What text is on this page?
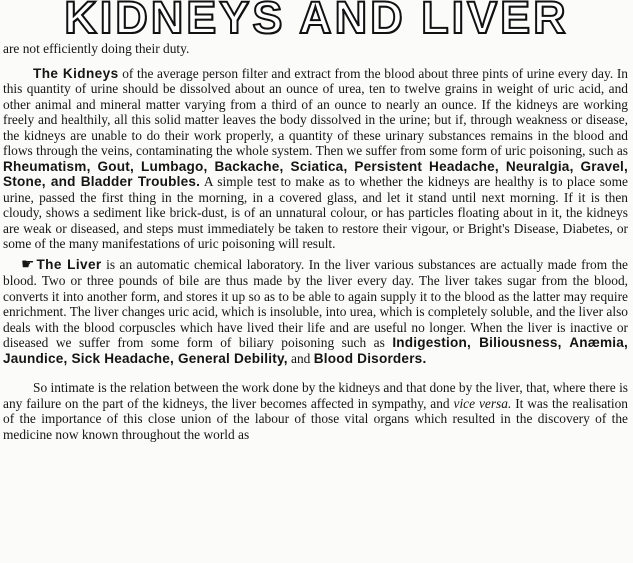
KIDNEYS AND LIVER

are not efficiently doing their duty.

The Kidneys of the average person filter and extract from the blood about three pints of urine every day. In this quantity of urine should be dissolved about an ounce of urea, ten to twelve grains in weight of uric acid, and other animal and mineral matter varying from a third of an ounce to nearly an ounce. If the kidneys are working freely and healthily, all this solid matter leaves the body dissolved in the urine; but if, through weakness or disease, the kidneys are unable to do their work properly, a quantity of these urinary substances remains in the blood and flows through the veins, contaminating the whole system. Then we suffer from some form of uric poisoning, such as Rheumatism, Gout, Lumbago, Backache, Sciatica, Persistent Headache, Neuralgia, Gravel, Stone, and Bladder Troubles. A simple test to make as to whether the kidneys are healthy is to place some urine, passed the first thing in the morning, in a covered glass, and let it stand until next morning. If it is then cloudy, shows a sediment like brick-dust, is of an unnatural colour, or has particles floating about in it, the kidneys are weak or diseased, and steps must immediately be taken to restore their vigour, or Bright's Disease, Diabetes, or some of the many manifestations of uric poisoning will result.

☛ The Liver is an automatic chemical laboratory. In the liver various substances are actually made from the blood. Two or three pounds of bile are thus made by the liver every day. The liver takes sugar from the blood, converts it into another form, and stores it up so as to be able to again supply it to the blood as the latter may require enrichment. The liver changes uric acid, which is insoluble, into urea, which is completely soluble, and the liver also deals with the blood corpuscles which have lived their life and are useful no longer. When the liver is inactive or diseased we suffer from some form of biliary poisoning such as Indigestion, Biliousness, Anæmia, Jaundice, Sick Headache, General Debility, and Blood Disorders.

So intimate is the relation between the work done by the kidneys and that done by the liver, that, where there is any failure on the part of the kidneys, the liver becomes affected in sympathy, and vice versa. It was the realisation of the importance of this close union of the labour of those vital organs which resulted in the discovery of the medicine now known throughout the world as
